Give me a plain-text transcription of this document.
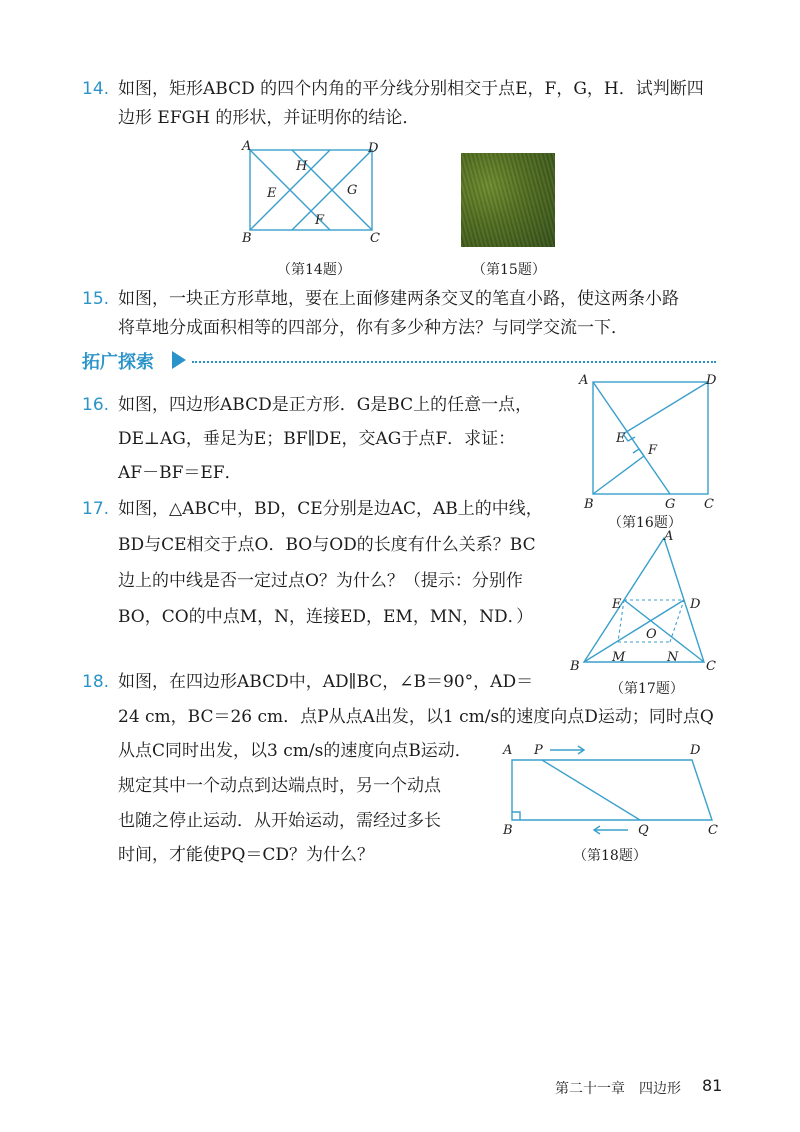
14. 如图，矩形ABCD 的四个内角的平分线分别相交于点E，F，G，H．试判断四
边形 EFGH 的形状，并证明你的结论．
A	D
B	C
H
E	G
F
（第14题）	（第15题）
15. 如图，一块正方形草地，要在上面修建两条交叉的笔直小路，使这两条小路
将草地分成面积相等的四部分，你有多少种方法？与同学交流一下．
拓广探索
16. 如图，四边形ABCD是正方形．G是BC上的任意一点，
DE⊥AG，垂足为E；BF∥DE，交AG于点F．求证：
AF－BF＝EF．
A	D
B	G C
E
F
（第16题）
17. 如图，△ABC中，BD，CE分别是边AC，AB上的中线，
BD与CE相交于点O．BO与OD的长度有什么关系？BC
边上的中线是否一定过点O？为什么？（提示：分别作
BO，CO的中点M，N，连接ED，EM，MN，ND．）
A
E	D
O
M	N
B	C
（第17题）
18. 如图，在四边形ABCD中，AD∥BC，∠B＝90°，AD＝
24 cm，BC＝26 cm．点P从点A出发，以1 cm/s的速度向点D运动；同时点Q
从点C同时出发，以3 cm/s的速度向点B运动．
规定其中一个动点到达端点时，另一个动点
也随之停止运动．从开始运动，需经过多长
时间，才能使PQ＝CD？为什么？
A P	D
B	Q	C
（第18题）
第二十一章　四边形 81
